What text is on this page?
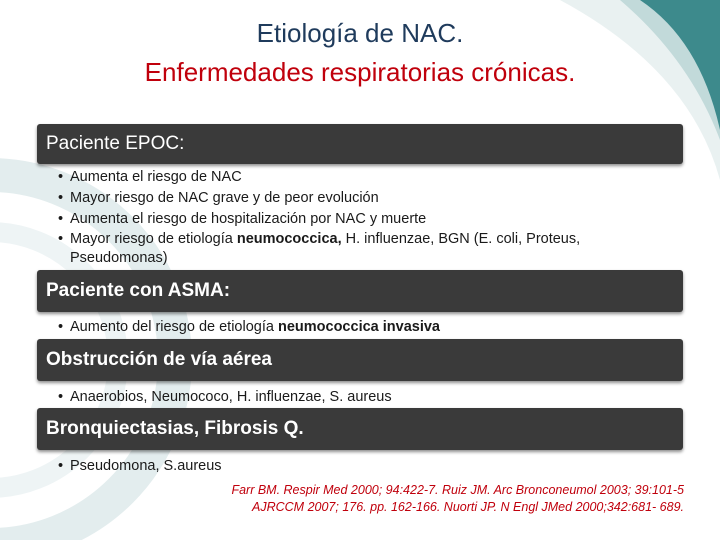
Etiología de NAC.
Enfermedades respiratorias crónicas.
Paciente EPOC :
• Aumenta el riesgo de NAC
• Mayor riesgo de NAC grave y de peor evolución
• Aumenta el riesgo de hospitalización por NAC y muerte
• Mayor riesgo de etiología neumococcica, H. influenzae, BGN (E. coli, Proteus, Pseudomonas)
Paciente con ASMA:
• Aumento del riesgo de etiología neumococcica invasiva
Obstrucción de vía aérea
• Anaerobios, Neumococo, H. influenzae, S. aureus
Bronquiectasias, Fibrosis Q.
• Pseudomona, S.aureus
Farr BM. Respir Med 2000; 94:422-7. Ruiz JM. Arc Bronconeumol 2003; 39:101-5
AJRCCM 2007; 176. pp. 162-166. Nuorti JP. N Engl JMed 2000;342:681- 689.
